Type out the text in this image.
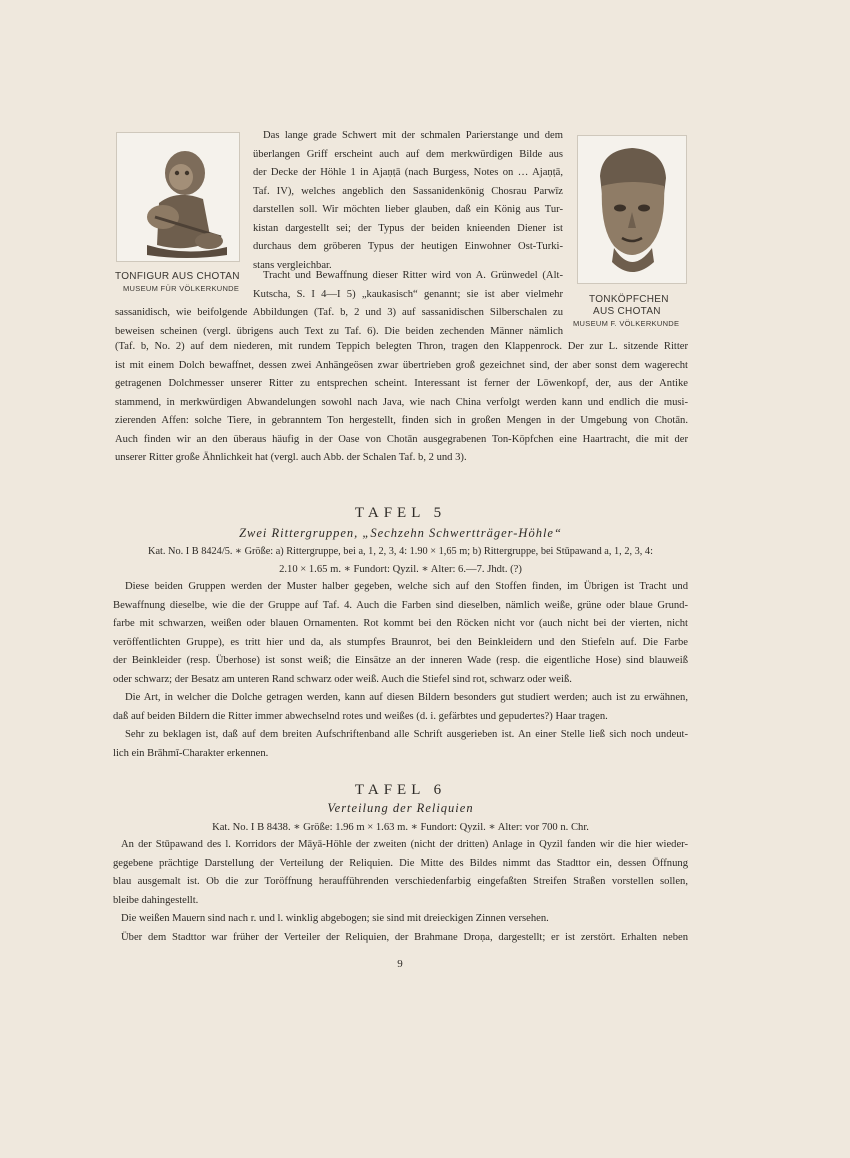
TONFIGUR AUS CHOTAN
MUSEUM FÜR VÖLKERKUNDE
TONKÖPFCHEN
AUS CHOTAN
MUSEUM F. VÖLKERKUNDE
Das lange grade Schwert mit der schmalen Parierstange und dem
überlangen Griff erscheint auch auf dem merkwürdigen Bilde aus
der Decke der Höhle 1 in Ajaṇṭā (nach Burgess, Notes on … Ajaṇṭā,
Taf. IV), welches angeblich den Sassanidenkönig Chosrau Parwīz
darstellen soll. Wir möchten lieber glauben, daß ein König aus Tur-
kistan dargestellt sei; der Typus der beiden knieenden Diener ist
durchaus dem gröberen Typus der heutigen Einwohner Ost-Turki-
stans vergleichbar.
Tracht und Bewaffnung dieser Ritter wird von A. Grünwedel (Alt-
Kutscha, S. I 4—I 5) „kaukasisch“ genannt; sie ist aber vielmehr
sassanidisch, wie beifolgende Abbildungen (Taf. b, 2 und 3) auf sassanidischen Silberschalen zu
beweisen scheinen (vergl. übrigens auch Text zu Taf. 6). Die beiden zechenden Männer nämlich
(Taf. b, No. 2) auf dem niederen, mit rundem Teppich belegten Thron, tragen den Klappenrock. Der zur L. sitzende Ritter
ist mit einem Dolch bewaffnet, dessen zwei Anhängeösen zwar übertrieben groß gezeichnet sind, der aber sonst dem wagerecht
getragenen Dolchmesser unserer Ritter zu entsprechen scheint. Interessant ist ferner der Löwenkopf, der, aus der Antike
stammend, in merkwürdigen Abwandelungen sowohl nach Java, wie nach China verfolgt werden kann und endlich die musi-
zierenden Affen: solche Tiere, in gebranntem Ton hergestellt, finden sich in großen Mengen in der Umgebung von Chotān.
Auch finden wir an den überaus häufig in der Oase von Chotān ausgegrabenen Ton-Köpfchen eine Haartracht, die mit der
unserer Ritter große Ähnlichkeit hat (vergl. auch Abb. der Schalen Taf. b, 2 und 3).
TAFEL 5
Zwei Rittergruppen, „Sechzehn Schwertträger-Höhle“
Kat. No. I B 8424/5. ∗ Größe: a) Rittergruppe, bei a, 1, 2, 3, 4: 1.90 × 1,65 m; b) Rittergruppe, bei Stūpawand a, 1, 2, 3, 4:
2.10 × 1.65 m. ∗ Fundort: Qyzil. ∗ Alter: 6.—7. Jhdt. (?)
Diese beiden Gruppen werden der Muster halber gegeben, welche sich auf den Stoffen finden, im Übrigen ist Tracht und
Bewaffnung dieselbe, wie die der Gruppe auf Taf. 4. Auch die Farben sind dieselben, nämlich weiße, grüne oder blaue Grund-
farbe mit schwarzen, weißen oder blauen Ornamenten. Rot kommt bei den Röcken nicht vor (auch nicht bei der vierten, nicht
veröffentlichten Gruppe), es tritt hier und da, als stumpfes Braunrot, bei den Beinkleidern und den Stiefeln auf. Die Farbe
der Beinkleider (resp. Überhose) ist sonst weiß; die Einsätze an der inneren Wade (resp. die eigentliche Hose) sind blauweiß
oder schwarz; der Besatz am unteren Rand schwarz oder weiß. Auch die Stiefel sind rot, schwarz oder weiß.
Die Art, in welcher die Dolche getragen werden, kann auf diesen Bildern besonders gut studiert werden; auch ist zu erwähnen,
daß auf beiden Bildern die Ritter immer abwechselnd rotes und weißes (d. i. gefärbtes und gepudertes?) Haar tragen.
Sehr zu beklagen ist, daß auf dem breiten Aufschriftenband alle Schrift ausgerieben ist. An einer Stelle ließ sich noch undeut-
lich ein Brāhmī-Charakter erkennen.
TAFEL 6
Verteilung der Reliquien
Kat. No. I B 8438. ∗ Größe: 1.96 m × 1.63 m. ∗ Fundort: Qyzil. ∗ Alter: vor 700 n. Chr.
An der Stūpawand des l. Korridors der Māyā-Höhle der zweiten (nicht der dritten) Anlage in Qyzil fanden wir die hier wieder-
gegebene prächtige Darstellung der Verteilung der Reliquien. Die Mitte des Bildes nimmt das Stadttor ein, dessen Öffnung
blau ausgemalt ist. Ob die zur Toröffnung heraufführenden verschiedenfarbig eingefaßten Streifen Straßen vorstellen sollen,
bleibe dahingestellt.
Die weißen Mauern sind nach r. und l. winklig abgebogen; sie sind mit dreieckigen Zinnen versehen.
Über dem Stadttor war früher der Verteiler der Reliquien, der Brahmane Droṇa, dargestellt; er ist zerstört. Erhalten neben
9
